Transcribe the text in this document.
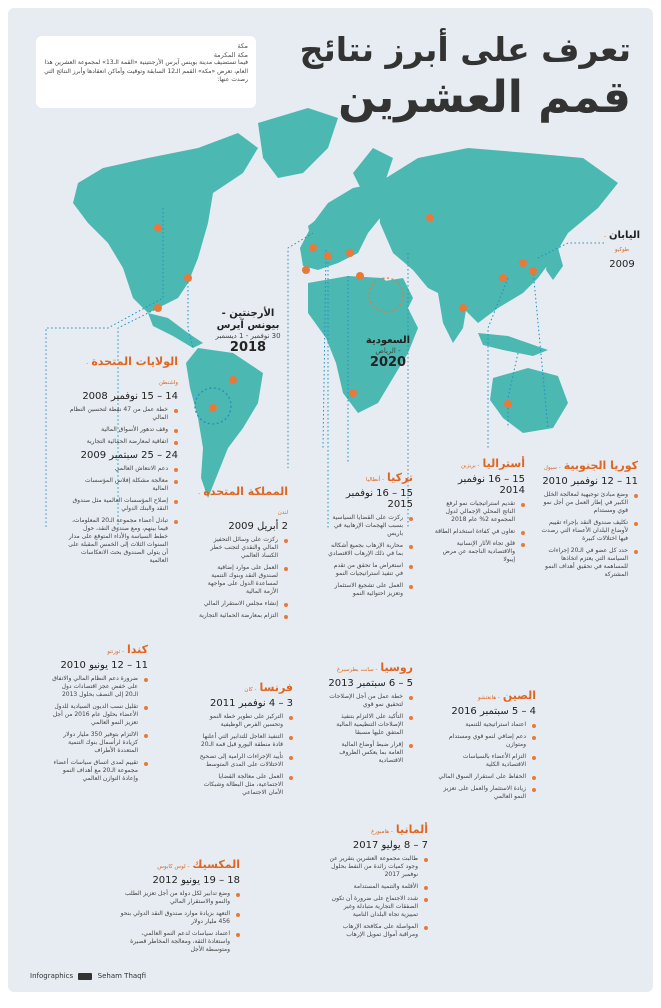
تعرف على أبرز نتائج
قمم العشرين
مكة
مكة المكرمة
فيما تستضيف مدينة بوينس آيرس الأرجنتينية «القمة الـ13» لمجموعة العشرين هذا العام، تعرض «مكة» القمم الـ12 السابقة وتوقيت وأماكن انعقادها وأبرز النتائج التي رصدت عنها:
الأرجنتين -
بيونس آيرس
30 نوفمبر - 1 ديسمبر
2018	السعودية
- الرياض
2020
اليابان- طوكيو
2009
الولايات المتحدة- واشنطن
14 – 15 نوفمبر 2008
خطة عمل من 47 نقطة لتحسين النظام المالي
وقف تدهور الأسواق المالية
اتفاقية لمعارضة الحمائية التجارية
24 – 25 سبتمبر 2009
دعم الانتعاش العالمي
معالجة مشكلة إفلاس المؤسسات المالية
إصلاح المؤسسات العالمية مثل صندوق النقد والبنك الدولي
تبادل أعضاء مجموعة الـ20 المعلومات، فيما بينهم، ومع صندوق النقد، حول خطط السياسة والأداء المتوقع على مدار السنوات الثلاث إلى الخمس المقبلة على أن يتولى الصندوق بحث الانعكاسات العالمية
المملكة المتحدة- لندن
2 أبريل 2009
ركزت على وسائل التحفيز المالي والنقدي لتجنب خطر الكساد العالمي
العمل على موارد إضافية لصندوق النقد وبنوك التنمية لمساعدة الدول على مواجهة الأزمة المالية
إنشاء مجلس الاستقرار المالي
التزام بمعارضة الحمائية التجارية
تركيا- أنطاليا
15 – 16 نوفمبر 2015
ركزت على القضايا السياسية بسبب الهجمات الإرهابية في باريس
محاربة الإرهاب بجميع أشكاله بما في ذلك الإرهاب الاقتصادي
استعراض ما تحقق من تقدم في تنفيذ استراتيجيات النمو
العمل على تشجيع الاستثمار وتعزيز احتوائية النمو
أستراليا- بريزبن
15 – 16 نوفمبر 2014
تقديم استراتيجيات نمو لرفع الناتج المحلي الإجمالي لدول المجموعة 2% عام 2018
تعاون في كفاءة استخدام الطاقة
قلق تجاه الآثار الإنسانية والاقتصادية الناجمة عن مرض إيبولا
كوريا الجنوبية- سيول
11 – 12 نوفمبر 2010
وضع مبادئ توجيهية لمعالجة الخلل الكبير في إطار العمل من أجل نمو قوي ومستدام
تكليف صندوق النقد بإجراء تقييم لأوضاع البلدان الأعضاء التي رصدت فيها اختلالات كبيرة
حدد كل عضو في الـ20 إجراءات السياسة التي يعتزم اتخاذها للمساهمة في تحقيق أهداف النمو المشتركة
كندا- تورنتو
11 – 12 يونيو 2010
ضرورة دعم النظام المالي والاتفاق على خفض عجز اقتصادات دول الـ20 إلى النصف بحلول 2013
تقليل نسب الديون السيادية للدول الأعضاء بحلول عام 2016 من أجل تعزيز النمو العالمي
الالتزام بتوفير 350 مليار دولار كزيادة لرأسمال بنوك التنمية المتعددة الأطراف
تقييم لمدى اتساق سياسات أعضاء مجموعة الـ20 مع أهداف النمو وإعادة التوازن العالمي
فرنسا- كان
3 – 4 نوفمبر 2011
التركيز على تطوير خطة النمو وتحسين الفرص الوظيفية
التنفيذ العاجل للتدابير التي أعلنها قادة منطقة اليورو قبل قمة الـ20
تأييد الإجراءات الرامية إلى تصحيح الاختلالات على المدى المتوسط
العمل على معالجة القضايا الاجتماعية، مثل البطالة وشبكات الأمان الاجتماعي
روسيا- سانت بطرسبرغ
5 – 6 سبتمبر 2013
خطة عمل من أجل الإصلاحات لتحقيق نمو قوي
التأكيد على الالتزام بتنفيذ الإصلاحات التنظيمية المالية المتفق عليها مسبقا
إقرار ضبط أوضاع المالية العامة بما يعكس الظروف الاقتصادية
الصين- هانغتشو
4 – 5 سبتمبر 2016
اعتماد استراتيجية للتنمية
دعم إضافي لنمو قوي ومستدام ومتوازن
التزام الأعضاء بالسياسات الاقتصادية الكلية
الحفاظ على استقرار السوق المالي
زيادة الاستثمار والعمل على تعزيز النمو العالمي
ألمانيا- هامبورغ
7 – 8 يوليو 2017
طالبت مجموعة العشرين بتقرير عن وجود كميات زائدة من النفط بحلول نوفمبر 2017
الأقلمة والتنمية المستدامة
شدد الاجتماع على ضرورة أن تكون الصفقات التجارية متبادلة وغير تمييزية تجاه البلدان النامية
المواصلة على مكافحة الإرهاب ومراقبة أموال تمويل الإرهاب
المكسيك- لوس كابوس
18 – 19 يونيو 2012
وضع تدابير لكل دولة من أجل تعزيز الطلب والنمو والاستقرار المالي
التعهد بزيادة موارد صندوق النقد الدولي بنحو 456 مليار دولار
اعتماد سياسات لدعم النمو العالمي، واستعادة الثقة، ومعالجة المخاطر قصيرة ومتوسطة الأجل
Infographics	Seham Thaqfi
